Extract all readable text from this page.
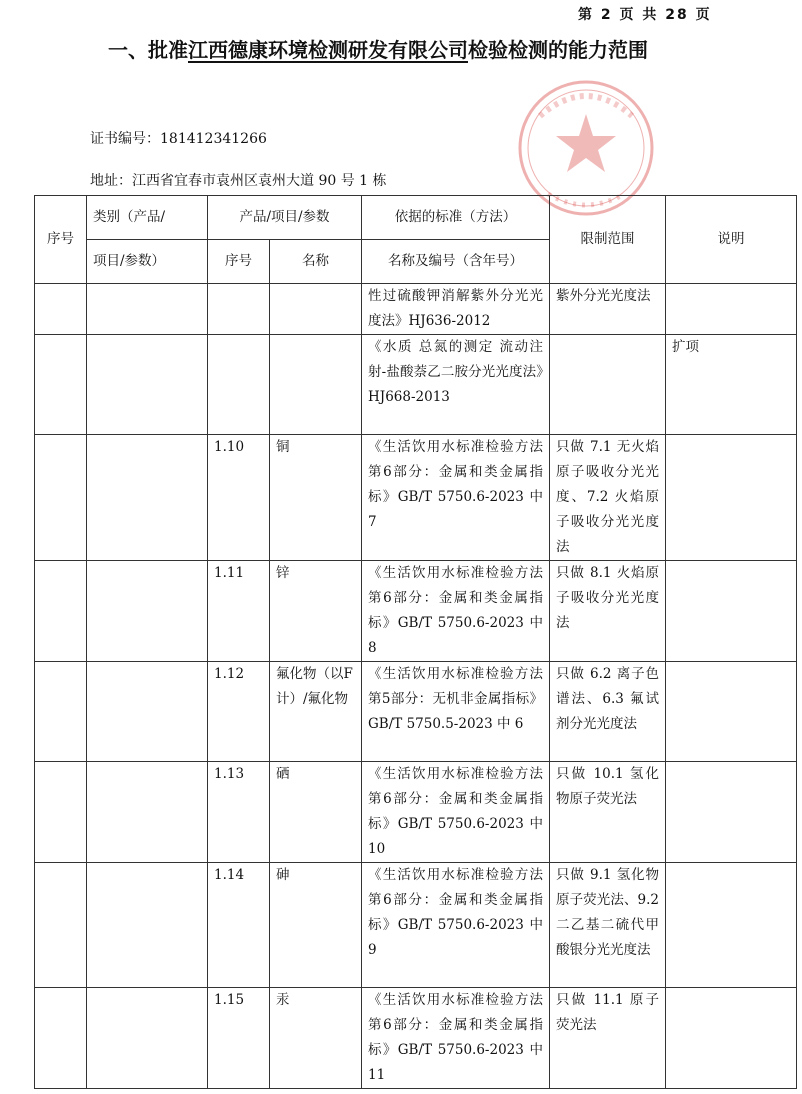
第 2 页 共 28 页
一、批准江西德康环境检测研发有限公司检验检测的能力范围
证书编号：181412341266
地址：江西省宜春市袁州区袁州大道 90 号 1 栋
序号	类别（产品/	产品/项目/参数		依据的标准（方法）	限制范围	说明
	项目/参数）	序号	名称	名称及编号（含年号）		
				性过硫酸钾消解紫外分光光度法》HJ636-2012	紫外分光光度法	
				《水质 总氮的测定 流动注射-盐酸萘乙二胺分光光度法》HJ668-2013		扩项
		1.10	铜	《生活饮用水标准检验方法 第6部分：金属和类金属指标》GB/T 5750.6-2023 中 7	只做 7.1 无火焰原子吸收分光光度、7.2 火焰原子吸收分光光度法	
		1.11	锌	《生活饮用水标准检验方法 第6部分：金属和类金属指标》GB/T 5750.6-2023 中 8	只做 8.1 火焰原子吸收分光光度法	
		1.12	氟化物（以F计）/氟化物	《生活饮用水标准检验方法 第5部分：无机非金属指标》GB/T 5750.5-2023 中 6	只做 6.2 离子色谱法、6.3 氟试剂分光光度法	
		1.13	硒	《生活饮用水标准检验方法 第6部分：金属和类金属指标》GB/T 5750.6-2023 中 10	只做 10.1 氢化物原子荧光法	
		1.14	砷	《生活饮用水标准检验方法 第6部分：金属和类金属指标》GB/T 5750.6-2023 中 9	只做 9.1 氢化物原子荧光法、9.2 二乙基二硫代甲酸银分光光度法	
		1.15	汞	《生活饮用水标准检验方法 第6部分：金属和类金属指标》GB/T 5750.6-2023 中 11	只做 11.1 原子荧光法	
